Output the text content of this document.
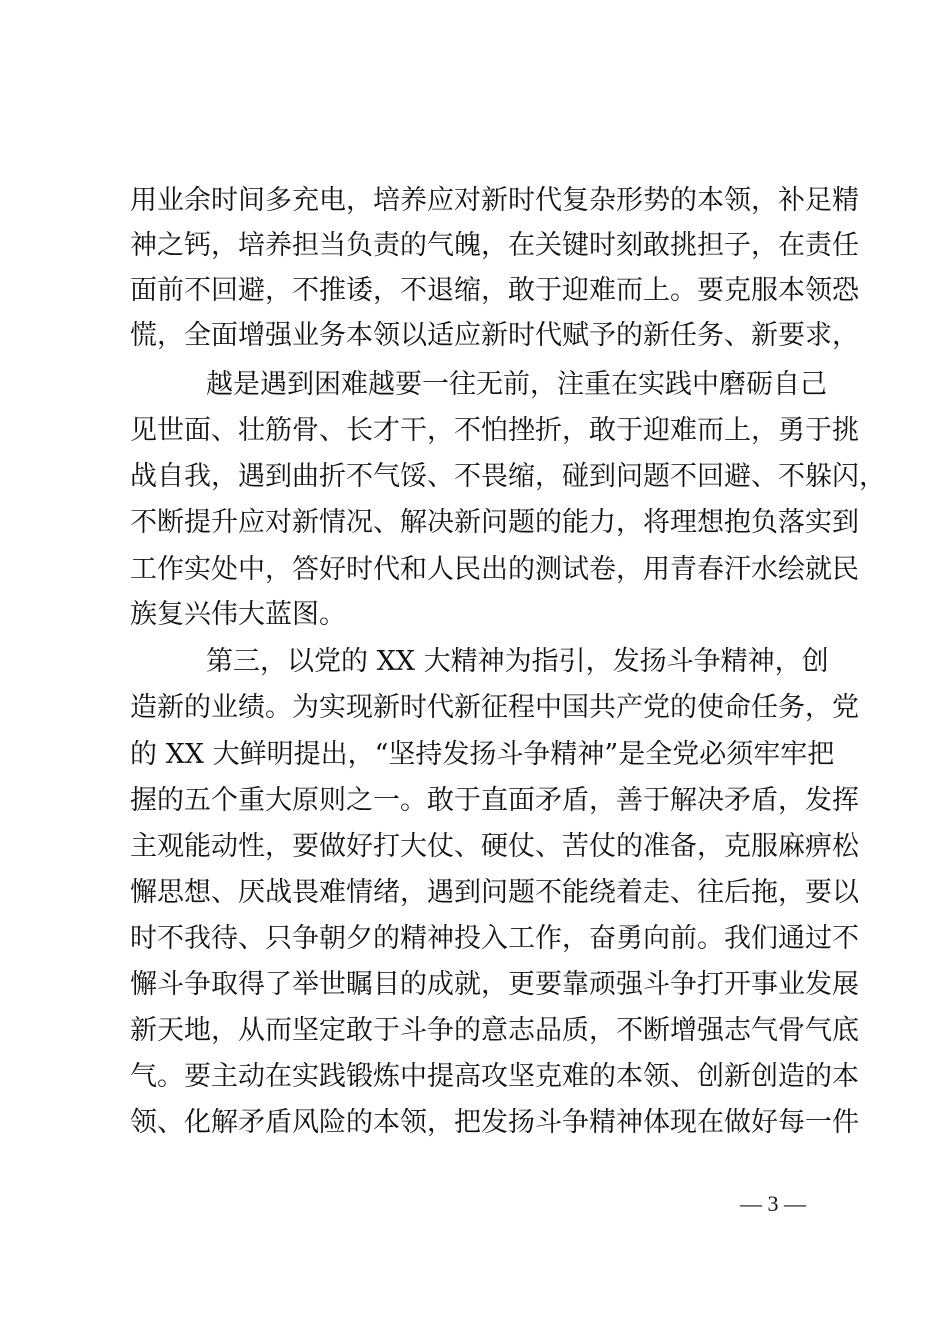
用业余时间多充电，培养应对新时代复杂形势的本领，补足精
神之钙，培养担当负责的气魄，在关键时刻敢挑担子，在责任
面前不回避，不推诿，不退缩，敢于迎难而上。要克服本领恐
慌，全面增强业务本领以适应新时代赋予的新任务、新要求，
越是遇到困难越要一往无前，注重在实践中磨砺自己
见世面、壮筋骨、长才干，不怕挫折，敢于迎难而上，勇于挑
战自我，遇到曲折不气馁、不畏缩，碰到问题不回避、不躲闪，
不断提升应对新情况、解决新问题的能力，将理想抱负落实到
工作实处中，答好时代和人民出的测试卷，用青春汗水绘就民
族复兴伟大蓝图。
第三，以党的 XX 大精神为指引，发扬斗争精神，创
造新的业绩。为实现新时代新征程中国共产党的使命任务，党
的 XX 大鲜明提出，“坚持发扬斗争精神”是全党必须牢牢把
握的五个重大原则之一。敢于直面矛盾，善于解决矛盾，发挥
主观能动性，要做好打大仗、硬仗、苦仗的准备，克服麻痹松
懈思想、厌战畏难情绪，遇到问题不能绕着走、往后拖，要以
时不我待、只争朝夕的精神投入工作，奋勇向前。我们通过不
懈斗争取得了举世瞩目的成就，更要靠顽强斗争打开事业发展
新天地，从而坚定敢于斗争的意志品质，不断增强志气骨气底
气。要主动在实践锻炼中提高攻坚克难的本领、创新创造的本
领、化解矛盾风险的本领，把发扬斗争精神体现在做好每一件
— 3 —
